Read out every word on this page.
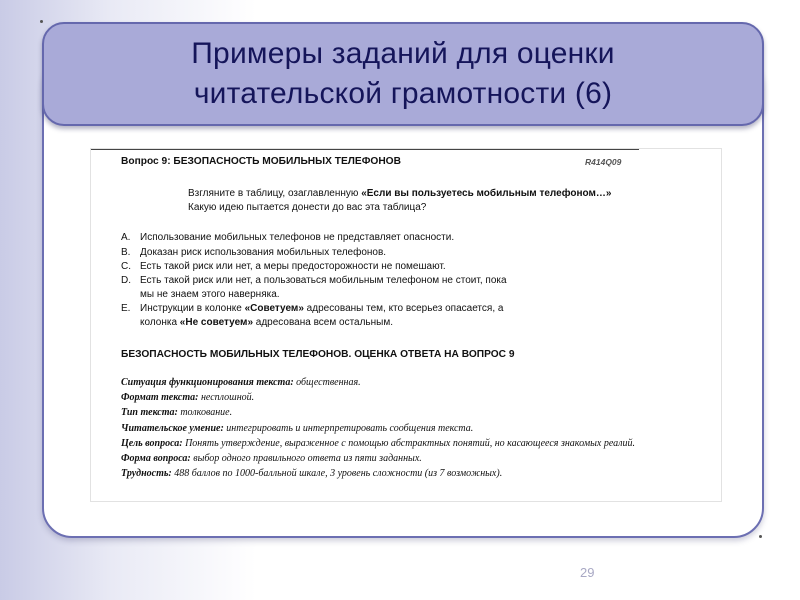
Примеры заданий для оценки
читательской грамотности (6)
Вопрос 9: БЕЗОПАСНОСТЬ МОБИЛЬНЫХ ТЕЛЕФОНОВ	R414Q09
Взгляните в таблицу, озаглавленную «Если вы пользуетесь мобильным телефоном…»
Какую идею пытается донести до вас эта таблица?
A. Использование мобильных телефонов не представляет опасности.
B. Доказан риск использования мобильных телефонов.
C. Есть такой риск или нет, а меры предосторожности не помешают.
D. Есть такой риск или нет, а пользоваться мобильным телефоном не стоит, пока
мы не знаем этого наверняка.
E. Инструкции в колонке «Советуем» адресованы тем, кто всерьез опасается, а
колонка «Не советуем» адресована всем остальным.
БЕЗОПАСНОСТЬ МОБИЛЬНЫХ ТЕЛЕФОНОВ. ОЦЕНКА ОТВЕТА НА ВОПРОС 9
Ситуация функционирования текста: общественная.
Формат текста: несплошной.
Тип текста: толкование.
Читательское умение: интегрировать и интерпретировать сообщения текста.
Цель вопроса: Понять утверждение, выраженное с помощью абстрактных понятий, но касающееся знакомых реалий.
Форма вопроса: выбор одного правильного ответа из пяти заданных.
Трудность: 488 баллов по 1000-балльной шкале, 3 уровень сложности (из 7 возможных).
29
